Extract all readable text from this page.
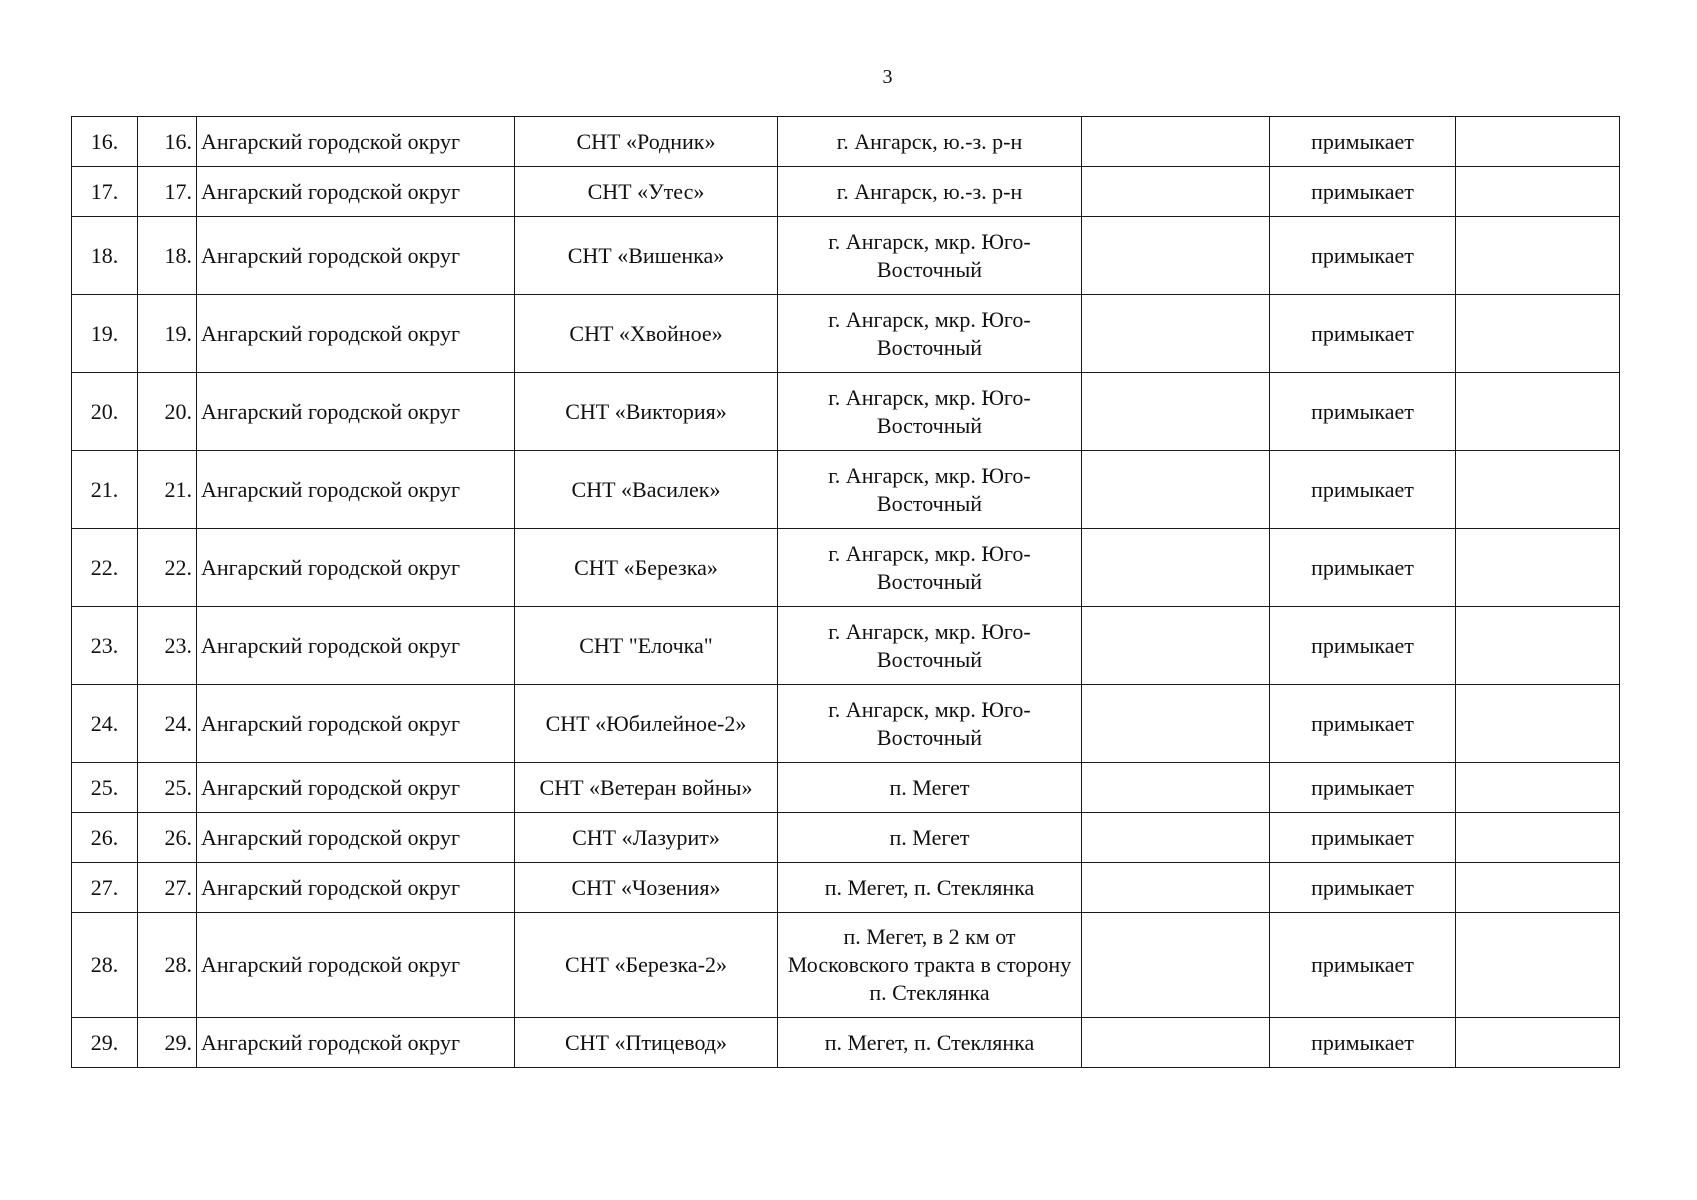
3
16.	16.	Ангарский городской округ	СНТ «Родник»	г. Ангарск, ю.-з. р-н		примыкает	
17.	17.	Ангарский городской округ	СНТ «Утес»	г. Ангарск, ю.-з. р-н		примыкает	
18.	18.	Ангарский городской округ	СНТ «Вишенка»	г. Ангарск, мкр. Юго-Восточный		примыкает	
19.	19.	Ангарский городской округ	СНТ «Хвойное»	г. Ангарск, мкр. Юго-Восточный		примыкает	
20.	20.	Ангарский городской округ	СНТ «Виктория»	г. Ангарск, мкр. Юго-Восточный		примыкает	
21.	21.	Ангарский городской округ	СНТ «Василек»	г. Ангарск, мкр. Юго-Восточный		примыкает	
22.	22.	Ангарский городской округ	СНТ «Березка»	г. Ангарск, мкр. Юго-Восточный		примыкает	
23.	23.	Ангарский городской округ	СНТ "Елочка"	г. Ангарск, мкр. Юго-Восточный		примыкает	
24.	24.	Ангарский городской округ	СНТ «Юбилейное-2»	г. Ангарск, мкр. Юго-Восточный		примыкает	
25.	25.	Ангарский городской округ	СНТ «Ветеран войны»	п. Мегет		примыкает	
26.	26.	Ангарский городской округ	СНТ «Лазурит»	п. Мегет		примыкает	
27.	27.	Ангарский городской округ	СНТ «Чозения»	п. Мегет, п. Стеклянка		примыкает	
28.	28.	Ангарский городской округ	СНТ «Березка-2»	п. Мегет, в 2 км от Московского тракта в сторону п. Стеклянка		примыкает	
29.	29.	Ангарский городской округ	СНТ «Птицевод»	п. Мегет, п. Стеклянка		примыкает	
